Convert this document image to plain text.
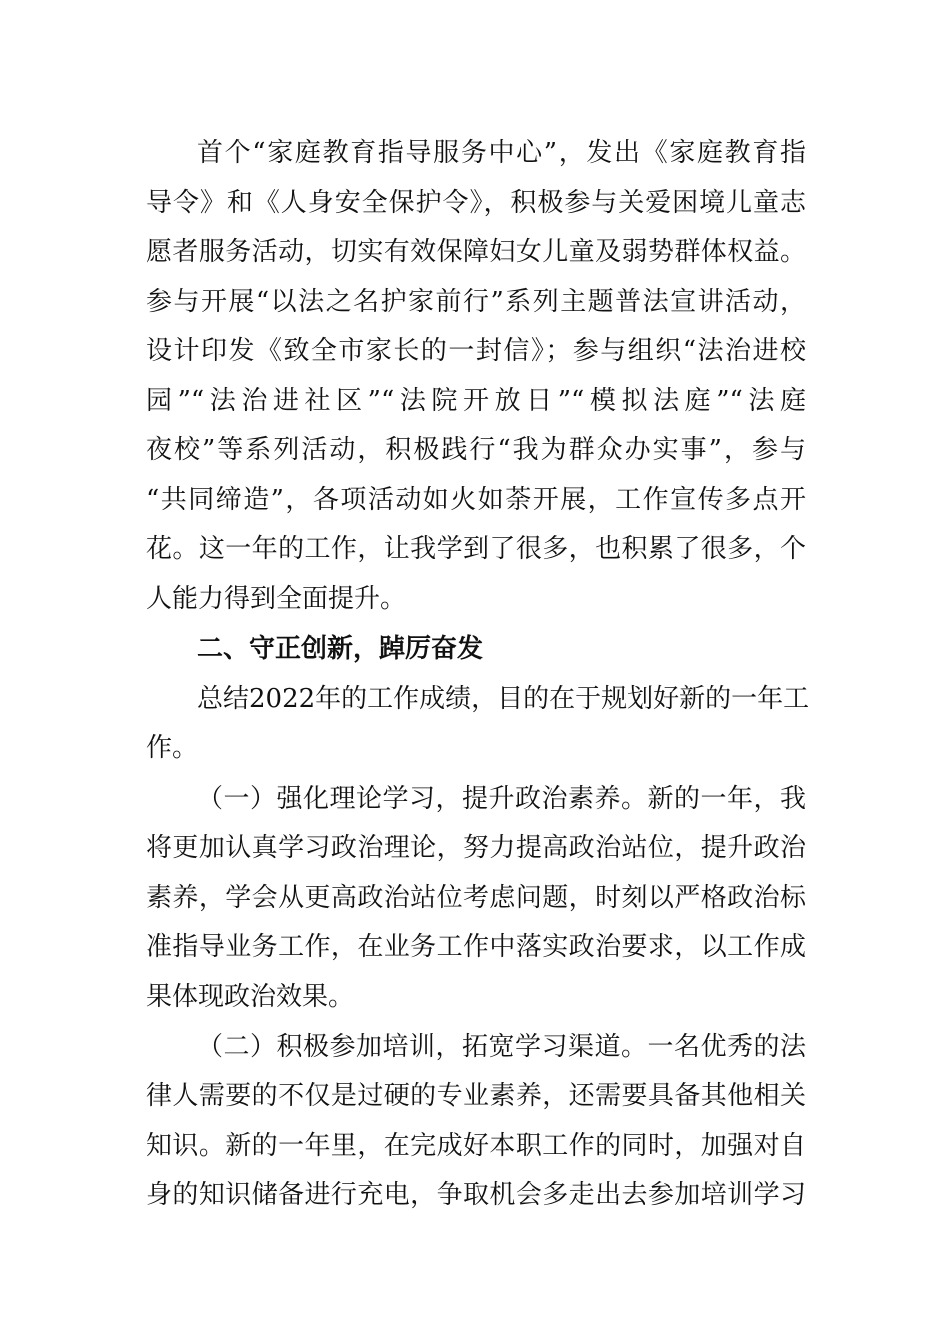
首个“家庭教育指导服务中心”，发出《家庭教育指
导令》和《人身安全保护令》，积极参与关爱困境儿童志
愿者服务活动，切实有效保障妇女儿童及弱势群体权益。
参与开展“以法之名护家前行”系列主题普法宣讲活动，
设计印发《致全市家长的一封信》；参与组织“法治进校
园”“法治进社区”“法院开放日”“模拟法庭”“法庭
夜校”等系列活动，积极践行“我为群众办实事”，参与
“共同缔造”，各项活动如火如荼开展，工作宣传多点开
花。这一年的工作，让我学到了很多，也积累了很多，个
人能力得到全面提升。
二、守正创新，踔厉奋发
总结2022年的工作成绩，目的在于规划好新的一年工
作。
（一）强化理论学习，提升政治素养。新的一年，我
将更加认真学习政治理论，努力提高政治站位，提升政治
素养，学会从更高政治站位考虑问题，时刻以严格政治标
准指导业务工作，在业务工作中落实政治要求，以工作成
果体现政治效果。
（二）积极参加培训，拓宽学习渠道。一名优秀的法
律人需要的不仅是过硬的专业素养，还需要具备其他相关
知识。新的一年里，在完成好本职工作的同时，加强对自
身的知识储备进行充电，争取机会多走出去参加培训学习
